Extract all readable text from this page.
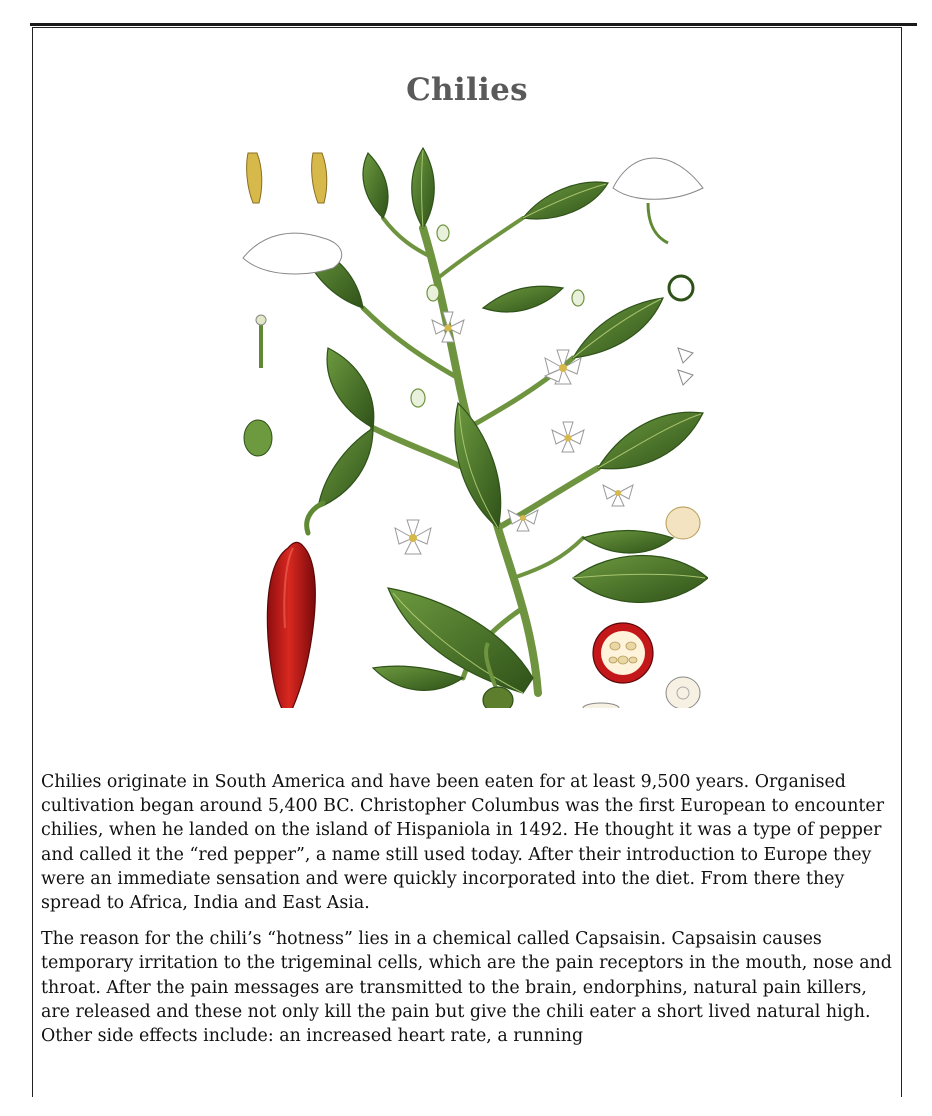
Chilies

Chilies originate in South America and have been eaten for at least 9,500 years. Organised cultivation began around 5,400 BC. Christopher Columbus was the first European to encounter chilies, when he landed on the island of Hispaniola in 1492. He thought it was a type of pepper and called it the “red pepper”, a name still used today. After their introduction to Europe they were an immediate sensation and were quickly incorporated into the diet. From there they spread to Africa, India and East Asia.

The reason for the chili’s “hotness” lies in a chemical called Capsaisin. Capsaisin causes temporary irritation to the trigeminal cells, which are the pain receptors in the mouth, nose and throat. After the pain messages are transmitted to the brain, endorphins, natural pain killers, are released and these not only kill the pain but give the chili eater a short lived natural high. Other side effects include: an increased heart rate, a running
